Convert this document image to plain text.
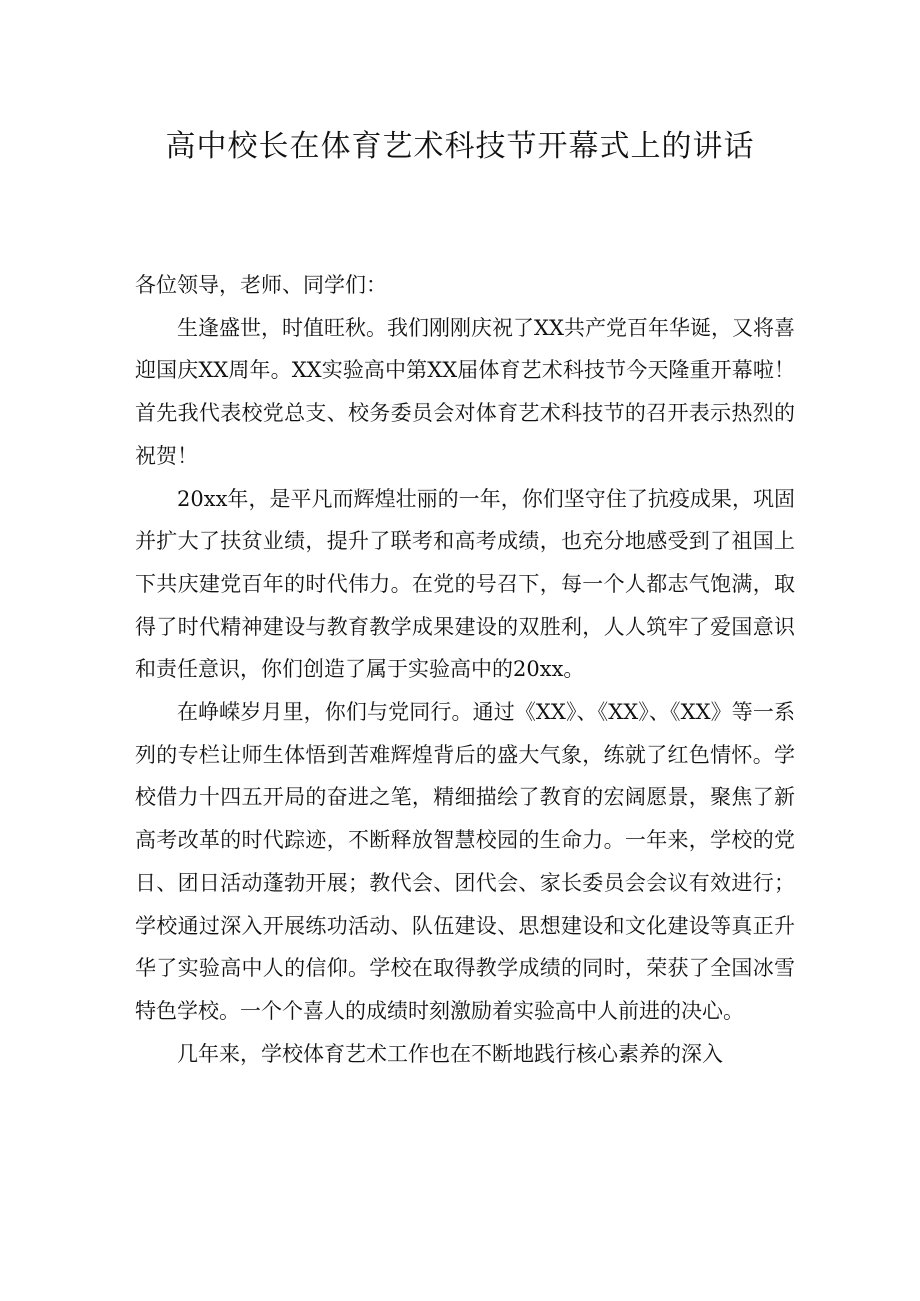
高中校长在体育艺术科技节开幕式上的讲话

各位领导，老师、同学们：

生逢盛世，时值旺秋。我们刚刚庆祝了XX共产党百年华诞，又将喜迎国庆XX周年。XX实验高中第XX届体育艺术科技节今天隆重开幕啦！首先我代表校党总支、校务委员会对体育艺术科技节的召开表示热烈的祝贺！

20xx年，是平凡而辉煌壮丽的一年，你们坚守住了抗疫成果，巩固并扩大了扶贫业绩，提升了联考和高考成绩，也充分地感受到了祖国上下共庆建党百年的时代伟力。在党的号召下，每一个人都志气饱满，取得了时代精神建设与教育教学成果建设的双胜利，人人筑牢了爱国意识和责任意识，你们创造了属于实验高中的20xx。

在峥嵘岁月里，你们与党同行。通过《XX》、《XX》、《XX》等一系列的专栏让师生体悟到苦难辉煌背后的盛大气象，练就了红色情怀。学校借力十四五开局的奋进之笔，精细描绘了教育的宏阔愿景，聚焦了新高考改革的时代踪迹，不断释放智慧校园的生命力。一年来，学校的党日、团日活动蓬勃开展；教代会、团代会、家长委员会会议有效进行；学校通过深入开展练功活动、队伍建设、思想建设和文化建设等真正升华了实验高中人的信仰。学校在取得教学成绩的同时，荣获了全国冰雪特色学校。一个个喜人的成绩时刻激励着实验高中人前进的决心。

几年来，学校体育艺术工作也在不断地践行核心素养的深入
